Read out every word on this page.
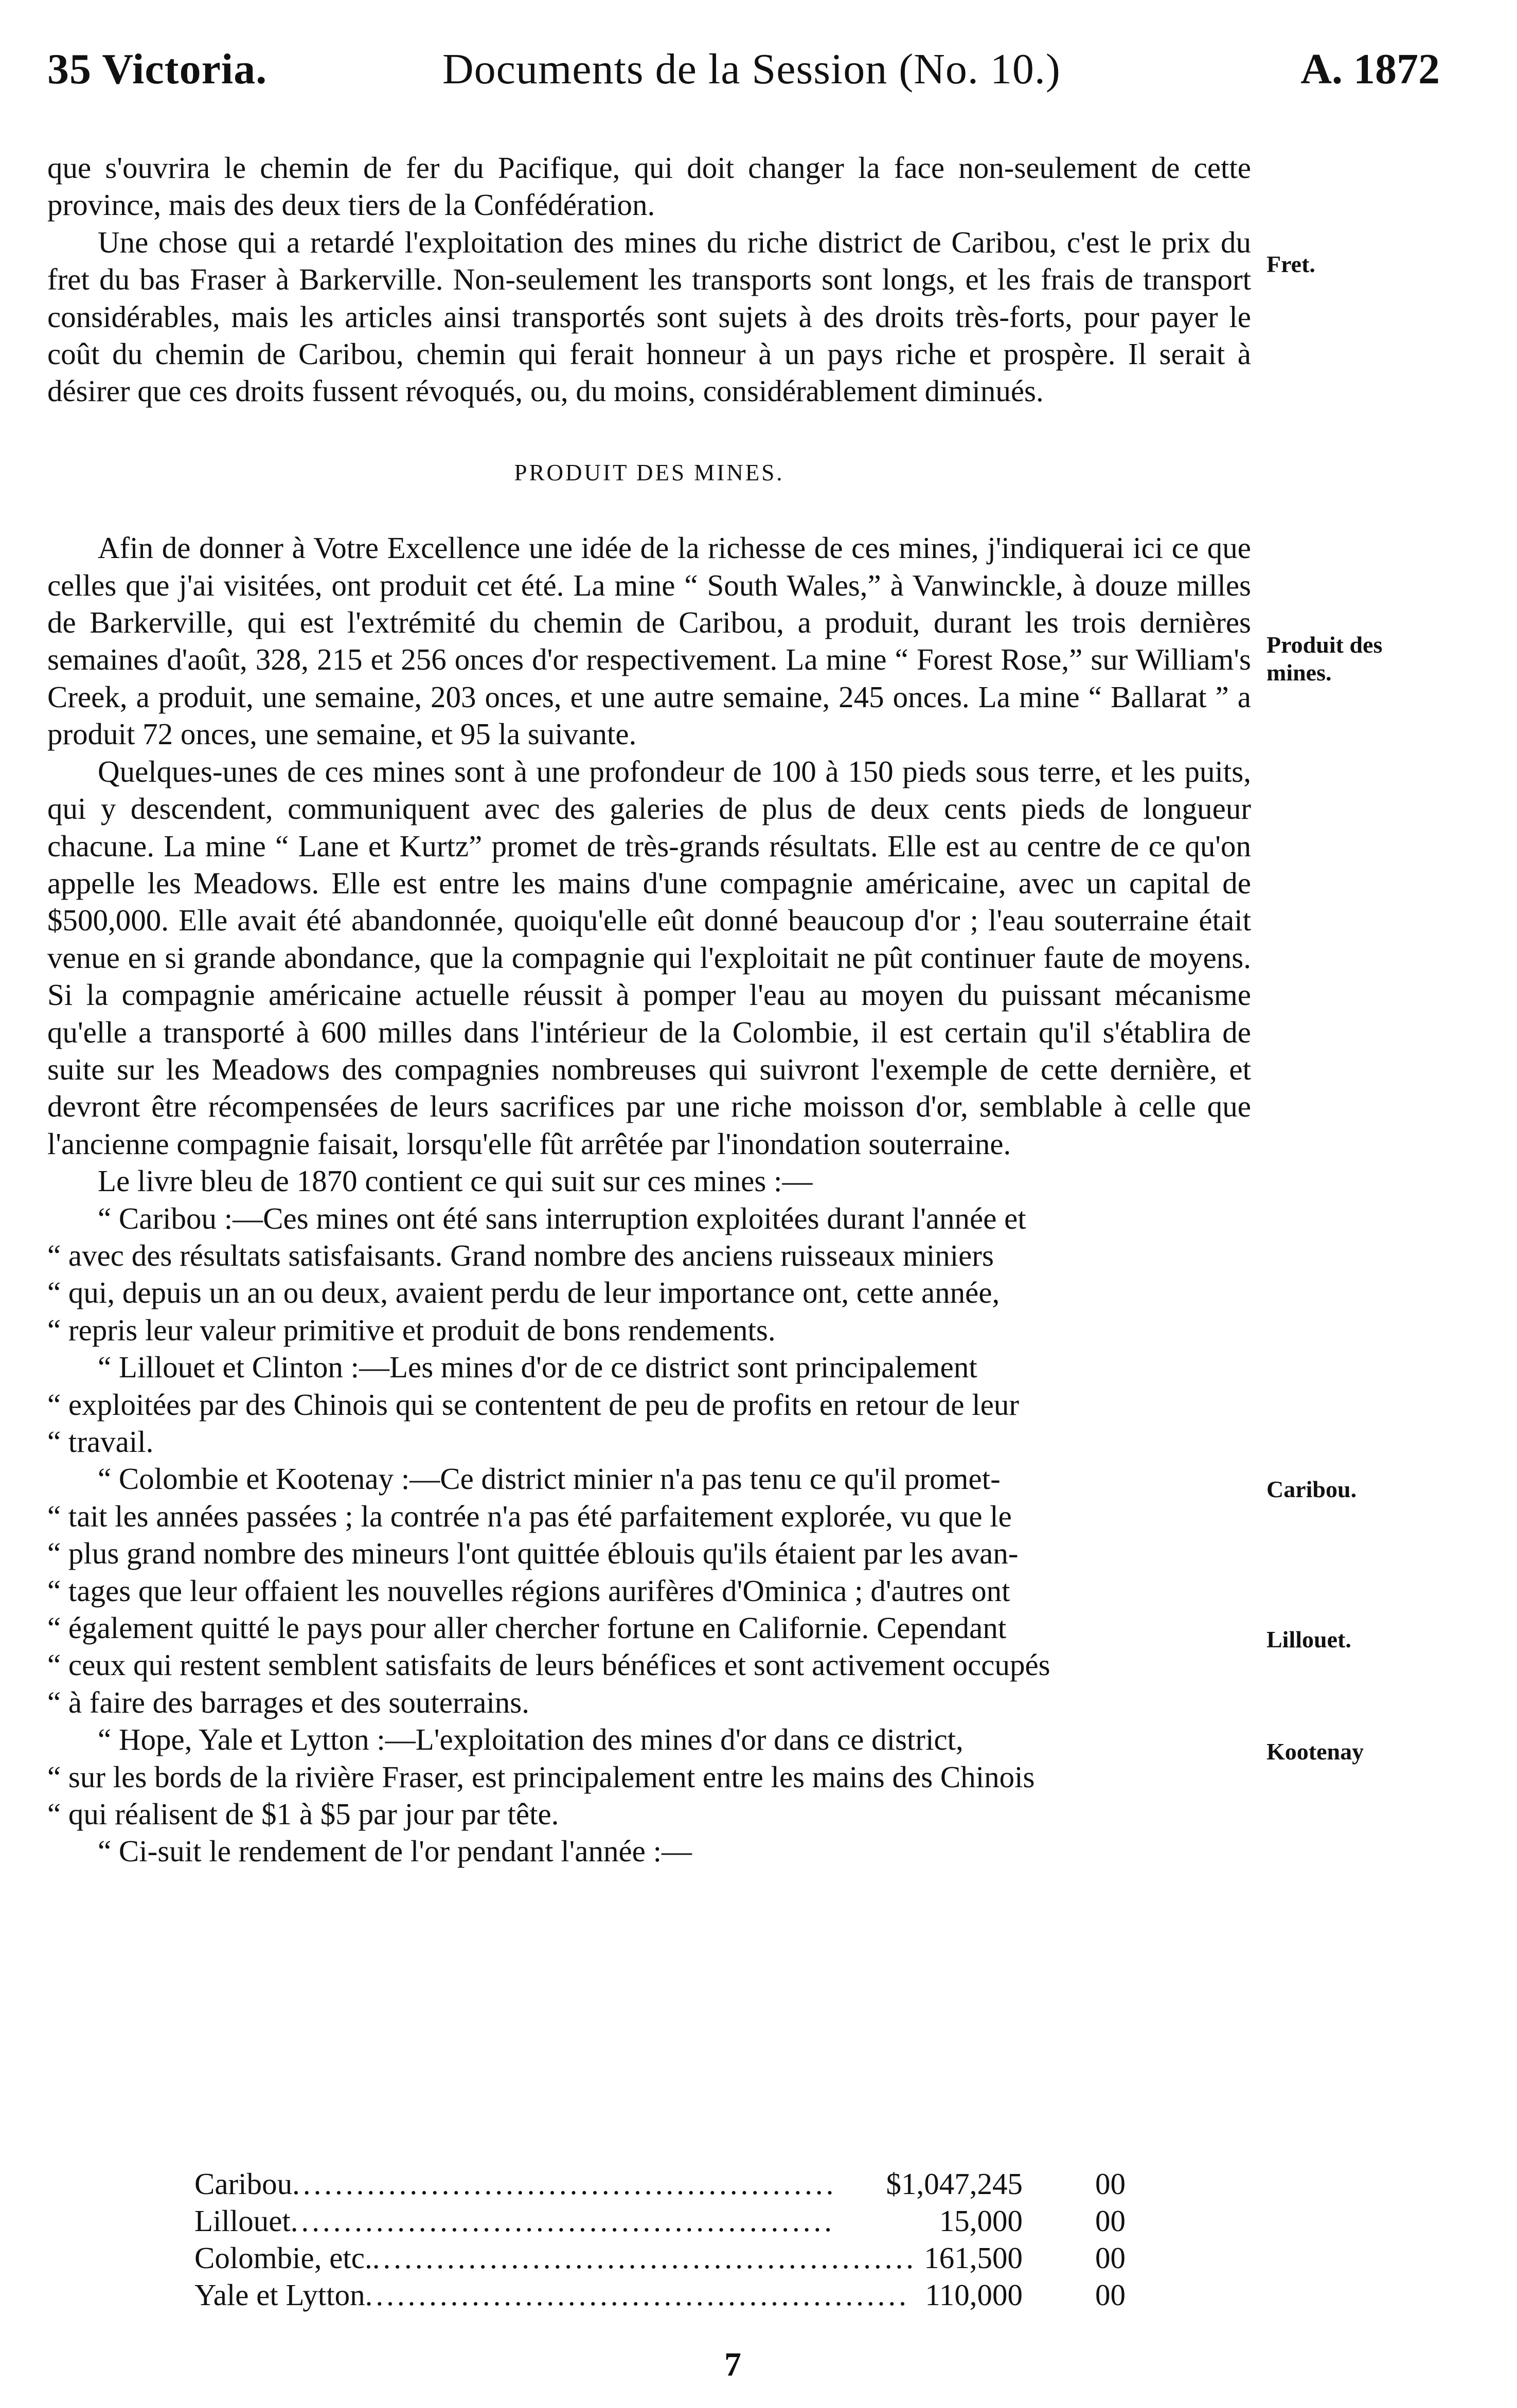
35 Victoria.	Documents de la Session (No. 10.)	A. 1872

que s'ouvrira le chemin de fer du Pacifique, qui doit changer la face non-seulement de cette province, mais des deux tiers de la Confédération.

Une chose qui a retardé l'exploitation des mines du riche district de Caribou, c'est le prix du fret du bas Fraser à Barkerville. Non-seulement les transports sont longs, et les frais de transport considérables, mais les articles ainsi transportés sont sujets à des droits très-forts, pour payer le coût du chemin de Caribou, chemin qui ferait honneur à un pays riche et prospère. Il serait à désirer que ces droits fussent révoqués, ou, du moins, considérablement diminués.

PRODUIT DES MINES.

Afin de donner à Votre Excellence une idée de la richesse de ces mines, j'indiquerai ici ce que celles que j'ai visitées, ont produit cet été. La mine “ South Wales,” à Vanwinckle, à douze milles de Barkerville, qui est l'extrémité du chemin de Caribou, a produit, durant les trois dernières semaines d'août, 328, 215 et 256 onces d'or respectivement. La mine “ Forest Rose,” sur William's Creek, a produit, une semaine, 203 onces, et une autre semaine, 245 onces. La mine “ Ballarat ” a produit 72 onces, une semaine, et 95 la suivante.

Quelques-unes de ces mines sont à une profondeur de 100 à 150 pieds sous terre, et les puits, qui y descendent, communiquent avec des galeries de plus de deux cents pieds de longueur chacune. La mine “ Lane et Kurtz” promet de très-grands résultats. Elle est au centre de ce qu'on appelle les Meadows. Elle est entre les mains d'une compagnie américaine, avec un capital de $500,000. Elle avait été abandonnée, quoiqu'elle eût donné beaucoup d'or ; l'eau souterraine était venue en si grande abondance, que la compagnie qui l'exploitait ne pût continuer faute de moyens. Si la compagnie américaine actuelle réussit à pomper l'eau au moyen du puissant mécanisme qu'elle a transporté à 600 milles dans l'intérieur de la Colombie, il est certain qu'il s'établira de suite sur les Meadows des compagnies nombreuses qui suivront l'exemple de cette dernière, et devront être récompensées de leurs sacrifices par une riche moisson d'or, semblable à celle que l'ancienne compagnie faisait, lorsqu'elle fût arrêtée par l'inondation souterraine.

Le livre bleu de 1870 contient ce qui suit sur ces mines :—

“ Caribou :—Ces mines ont été sans interruption exploitées durant l'année et
“ avec des résultats satisfaisants. Grand nombre des anciens ruisseaux miniers
“ qui, depuis un an ou deux, avaient perdu de leur importance ont, cette année,
“ repris leur valeur primitive et produit de bons rendements.
“ Lillouet et Clinton :—Les mines d'or de ce district sont principalement
“ exploitées par des Chinois qui se contentent de peu de profits en retour de leur
“ travail.
“ Colombie et Kootenay :—Ce district minier n'a pas tenu ce qu'il promet-
“ tait les années passées ; la contrée n'a pas été parfaitement explorée, vu que le
“ plus grand nombre des mineurs l'ont quittée éblouis qu'ils étaient par les avan-
“ tages que leur offaient les nouvelles régions aurifères d'Ominica ; d'autres ont
“ également quitté le pays pour aller chercher fortune en Californie. Cependant
“ ceux qui restent semblent satisfaits de leurs bénéfices et sont activement occupés
“ à faire des barrages et des souterrains.
“ Hope, Yale et Lytton :—L'exploitation des mines d'or dans ce district,
“ sur les bords de la rivière Fraser, est principalement entre les mains des Chinois
“ qui réalisent de $1 à $5 par jour par tête.
“ Ci-suit le rendement de l'or pendant l'année :—
Caribou...................................................	$1,047,245	00
Lillouet...................................................	15,000	00
Colombie, etc.................................................... 161,500	00
Yale et Lytton................................................... 110,000	00
Fret.
Produit des
mines.
Caribou.
Lillouet.
Kootenay
7
